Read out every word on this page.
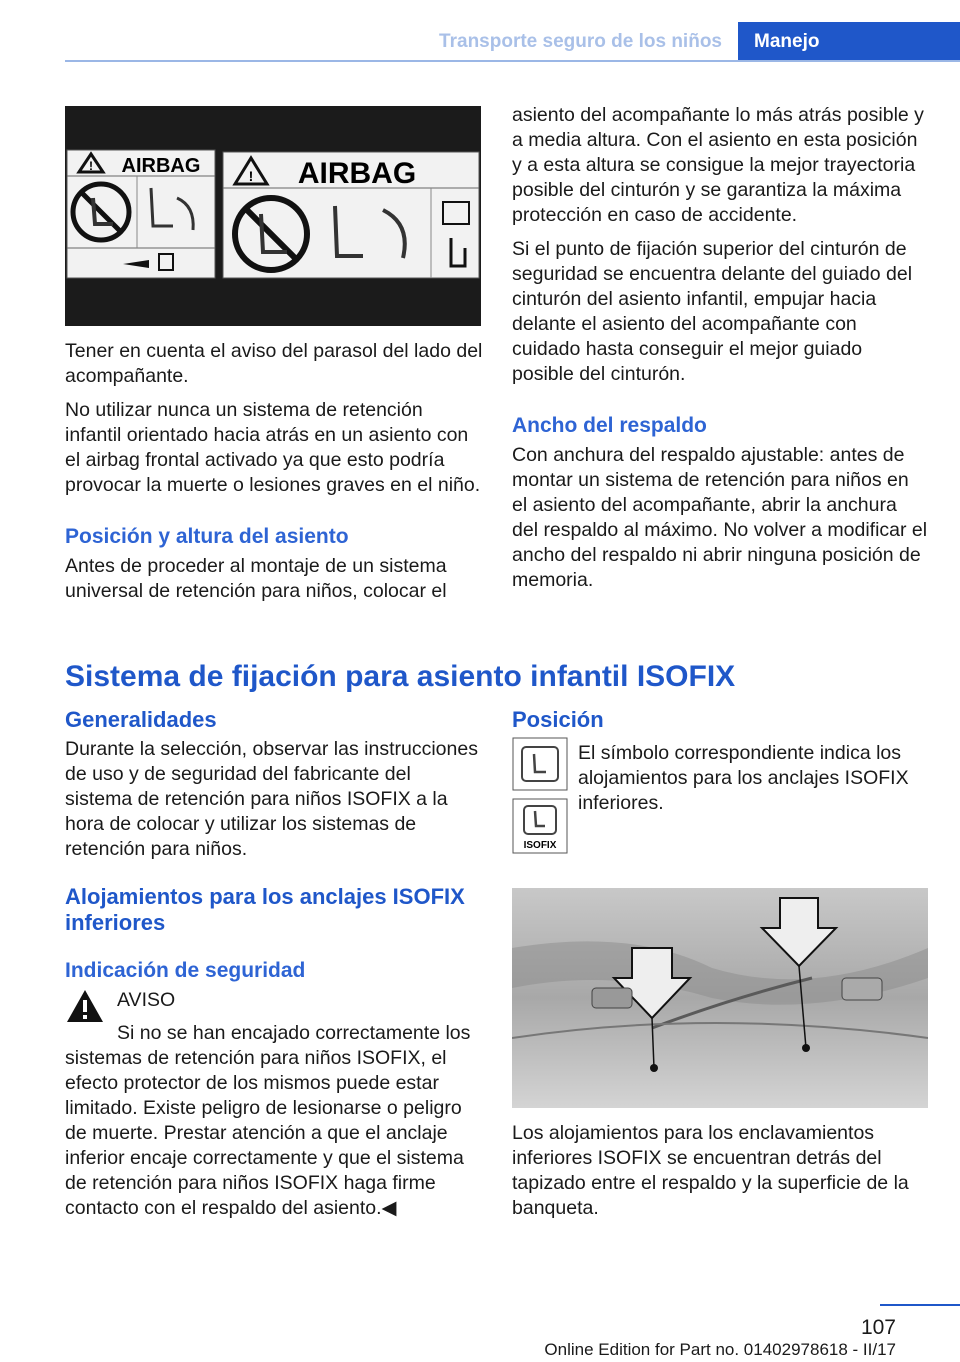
Transporte seguro de los niños	Manejo
! AIRBAG	! AIRBAG

Tener en cuenta el aviso del parasol del lado del acompañante.

No utilizar nunca un sistema de retención infantil orientado hacia atrás en un asiento con el airbag frontal activado ya que esto podría provocar la muerte o lesiones graves en el niño.

Posición y altura del asiento

Antes de proceder al montaje de un sistema universal de retención para niños, colocar el

asiento del acompañante lo más atrás posible y a media altura. Con el asiento en esta posición y a esta altura se consigue la mejor trayectoria posible del cinturón y se garantiza la máxima protección en caso de accidente.

Si el punto de fijación superior del cinturón de seguridad se encuentra delante del guiado del cinturón del asiento infantil, empujar hacia delante el asiento del acompañante con cuidado hasta conseguir el mejor guiado posible del cinturón.

Ancho del respaldo

Con anchura del respaldo ajustable: antes de montar un sistema de retención para niños en el asiento del acompañante, abrir la anchura del respaldo al máximo. No volver a modificar el ancho del respaldo ni abrir ninguna posición de memoria.

Sistema de fijación para asiento infantil ISOFIX
Generalidades

Durante la selección, observar las instrucciones de uso y de seguridad del fabricante del sistema de retención para niños ISOFIX a la hora de colocar y utilizar los sistemas de retención para niños.

Alojamientos para los anclajes ISOFIX inferiores
Indicación de seguridad

AVISO

Si no se han encajado correctamente los

sistemas de retención para niños ISOFIX, el efecto protector de los mismos puede estar limitado. Existe peligro de lesionarse o peligro de muerte. Prestar atención a que el anclaje inferior encaje correctamente y que el sistema de retención para niños ISOFIX haga firme contacto con el respaldo del asiento.◀

Posición

ISOFIX

El símbolo correspondiente indica los alojamientos para los anclajes ISOFIX inferiores.

Los alojamientos para los enclavamientos inferiores ISOFIX se encuentran detrás del tapizado entre el respaldo y la superficie de la banqueta.

107
Online Edition for Part no. 01402978618 - II/17
